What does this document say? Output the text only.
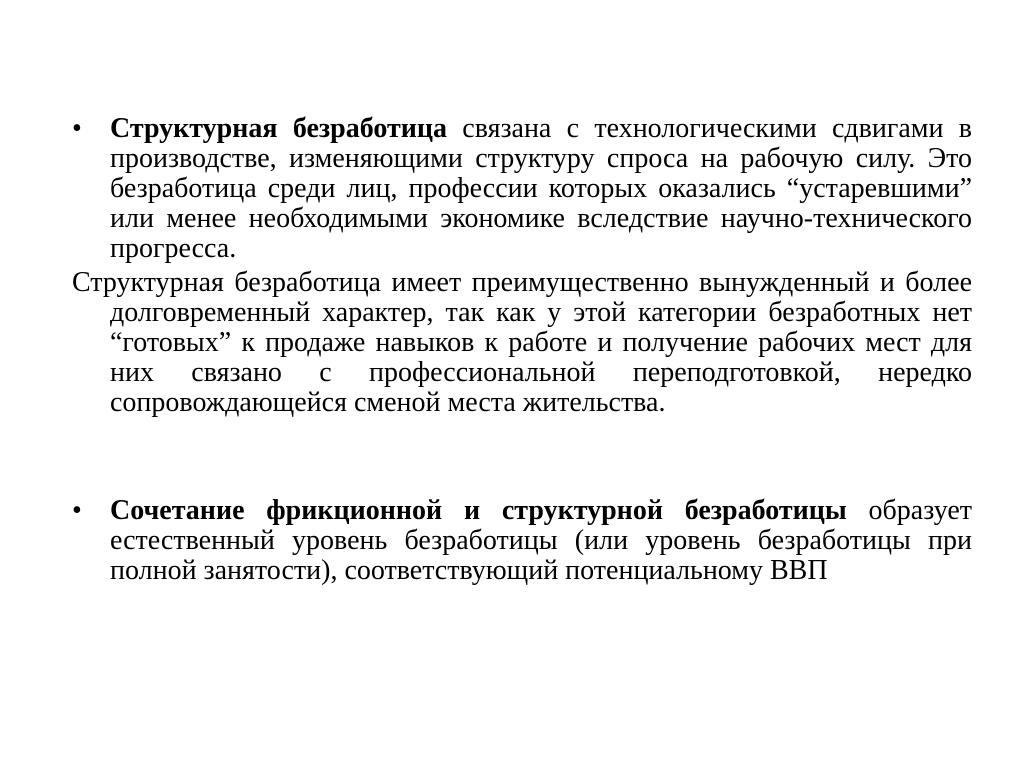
•	Структурная безработица связана с технологическими сдвигами в производстве, изменяющими структуру спроса на рабочую силу. Это безработица среди лиц, профессии которых оказались “устаревшими” или менее необходимыми экономике вследствие научно-технического прогресса.
Структурная безработица имеет преимущественно вынужденный и более долговременный характер, так как у этой категории безработных нет “готовых” к продаже навыков к работе и получение рабочих мест для них связано с профессиональной переподготовкой, нередко сопровождающейся сменой места жительства.
•	Сочетание фрикционной и структурной безработицы образует естественный уровень безработицы (или уровень безработицы при полной занятости), соответствующий потенциальному ВВП
